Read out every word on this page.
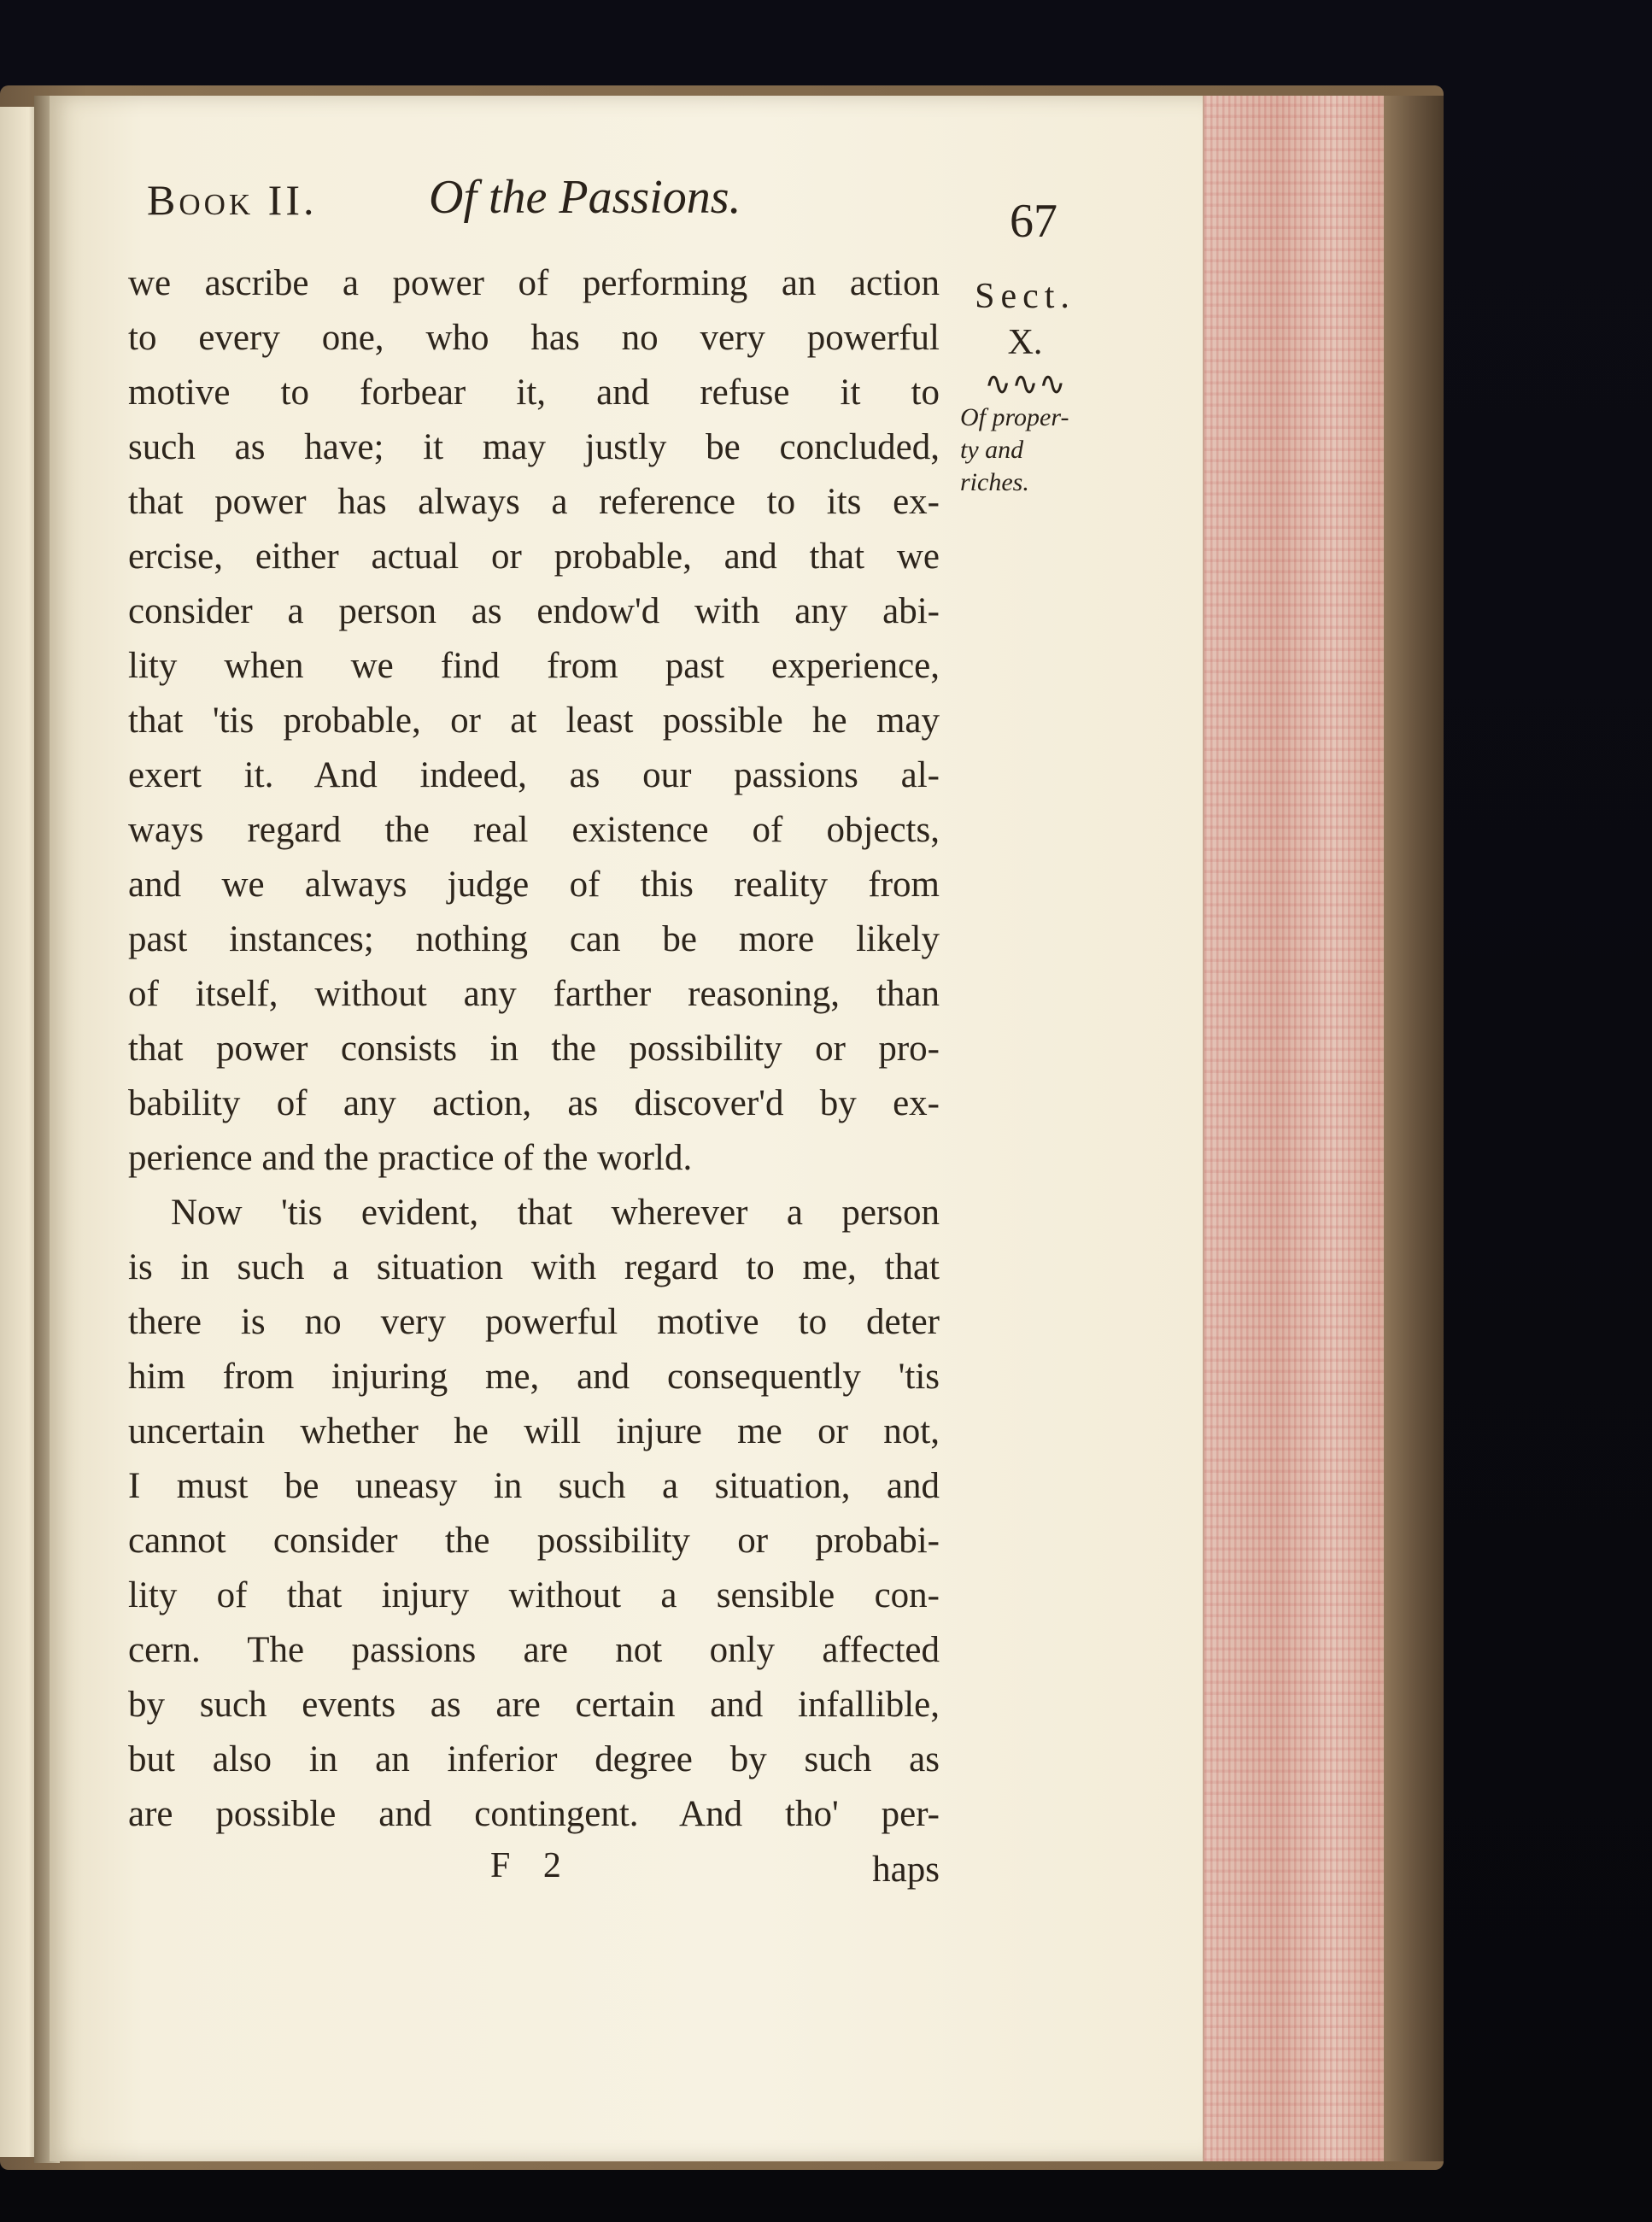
Book II. Of the Passions.	67
Sect.
X.
∿∿∿
Of proper-
ty and
riches.
we ascribe a power of performing an action
to every one, who has no very powerful
motive to forbear it, and refuse it to
such as have; it may justly be concluded,
that power has always a reference to its ex-
ercise, either actual or probable, and that we
consider a person as endow'd with any abi-
lity when we find from past experience,
that 'tis probable, or at least possible he may
exert it. And indeed, as our passions al-
ways regard the real existence of objects,
and we always judge of this reality from
past instances; nothing can be more likely
of itself, without any farther reasoning, than
that power consists in the possibility or pro-
bability of any action, as discover'd by ex-
perience and the practice of the world.
Now 'tis evident, that wherever a person
is in such a situation with regard to me, that
there is no very powerful motive to deter
him from injuring me, and consequently 'tis
uncertain whether he will injure me or not,
I must be uneasy in such a situation, and
cannot consider the possibility or probabi-
lity of that injury without a sensible con-
cern. The passions are not only affected
by such events as are certain and infallible,
but also in an inferior degree by such as
are possible and contingent. And tho' per-
F 2	haps
